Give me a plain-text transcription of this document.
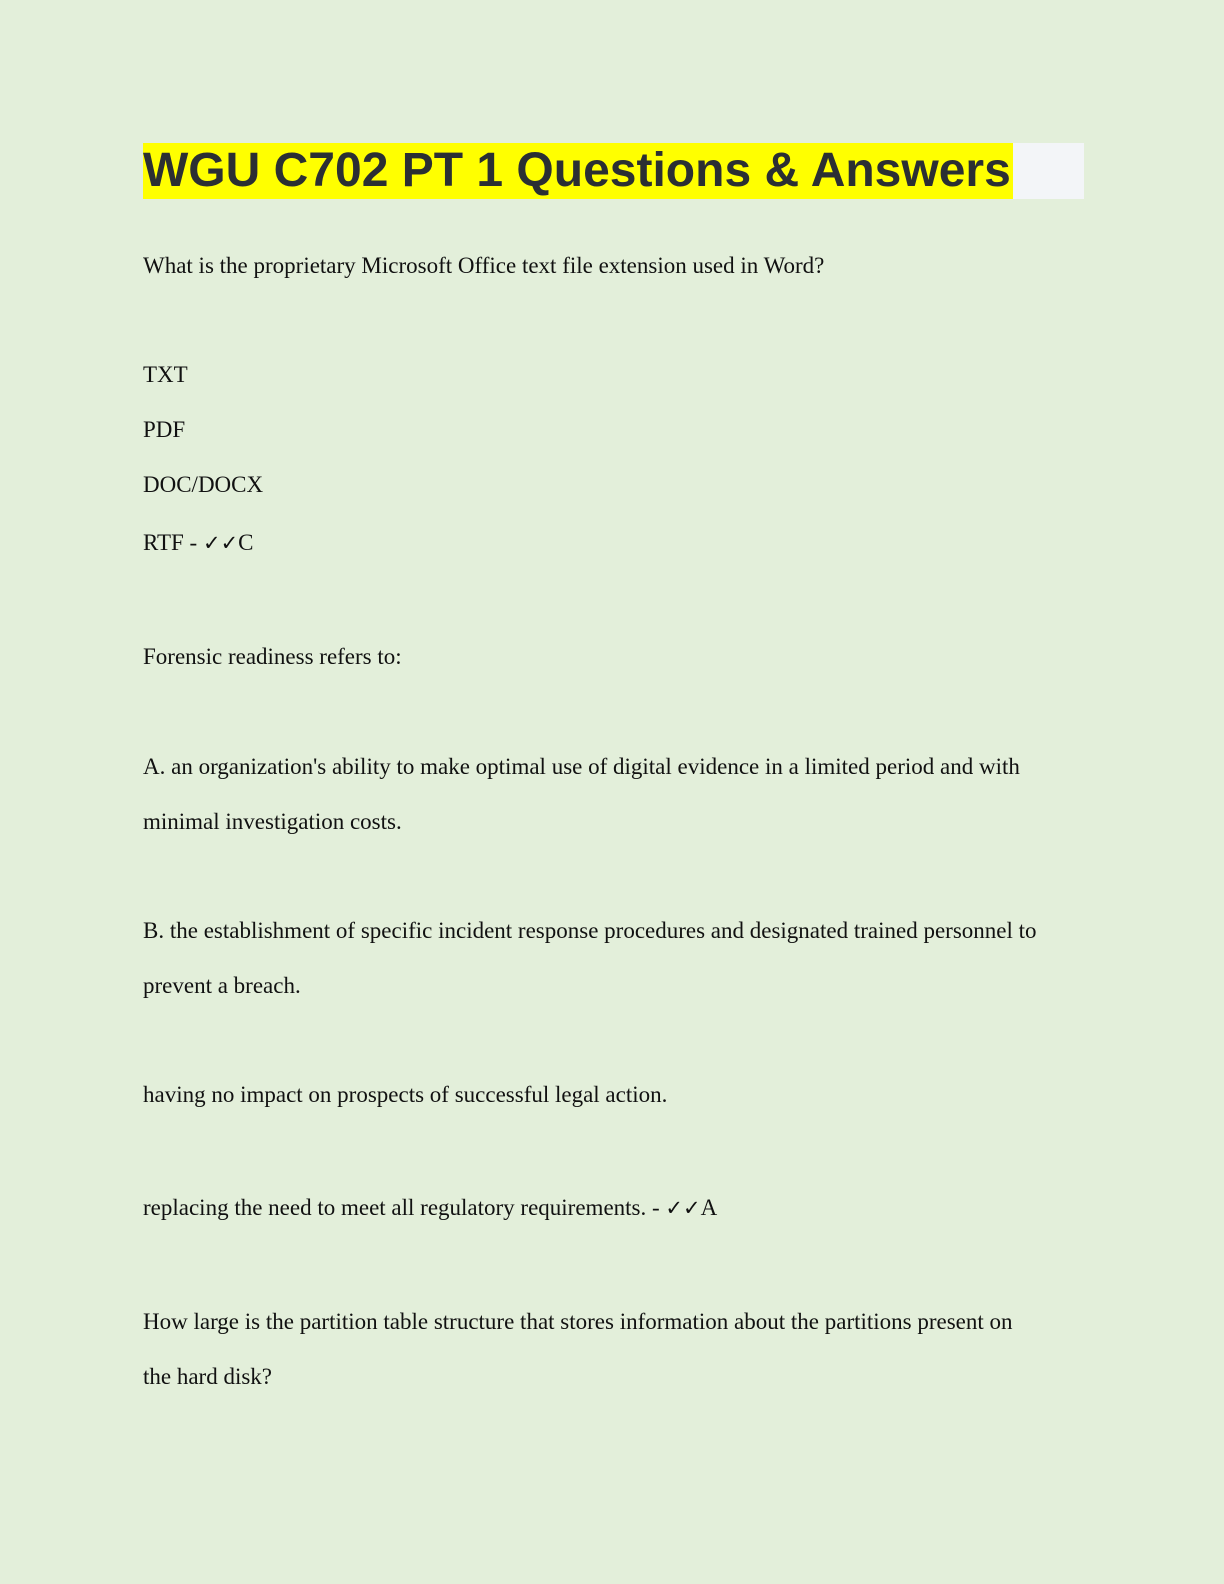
WGU C702 PT 1 Questions & Answers
What is the proprietary Microsoft Office text file extension used in Word?
TXT
PDF
DOC/DOCX
RTF - ✓✓C
Forensic readiness refers to:
A. an organization's ability to make optimal use of digital evidence in a limited period and with
minimal investigation costs.
B. the establishment of specific incident response procedures and designated trained personnel to
prevent a breach.
having no impact on prospects of successful legal action.
replacing the need to meet all regulatory requirements. - ✓✓A
How large is the partition table structure that stores information about the partitions present on
the hard disk?
